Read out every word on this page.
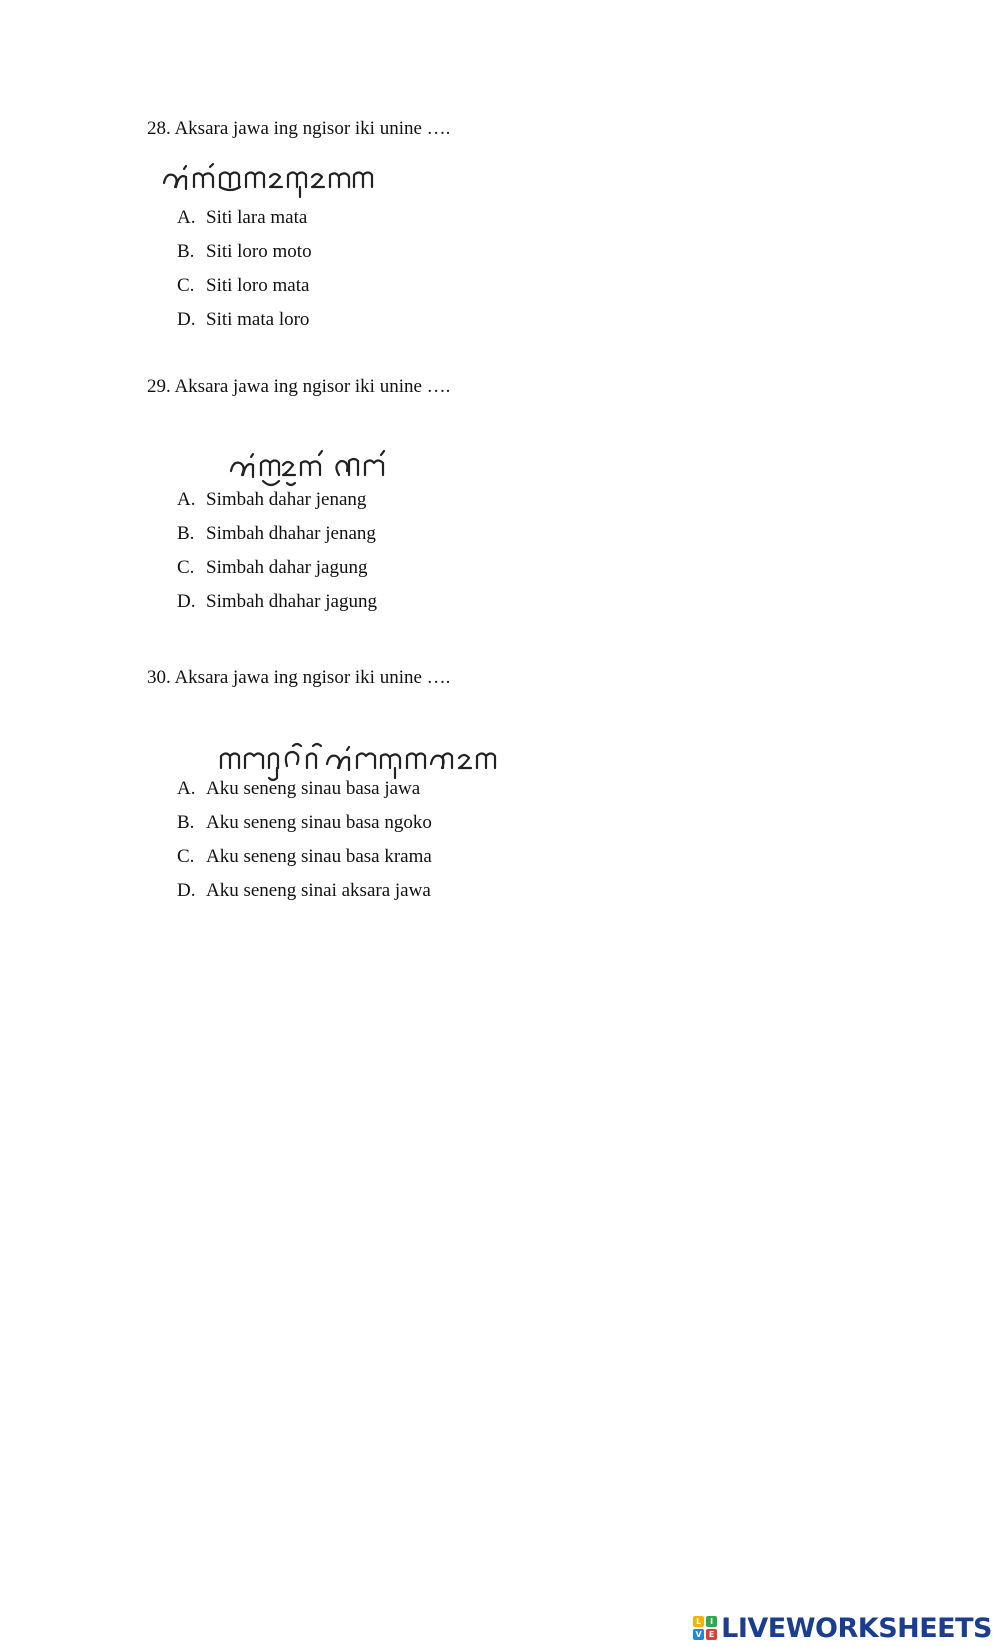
28. Aksara jawa ing ngisor iki unine ….
A. Siti lara mata
B. Siti loro moto
C. Siti loro mata
D. Siti mata loro
29. Aksara jawa ing ngisor iki unine ….
A. Simbah dahar jenang
B. Simbah dhahar jenang
C. Simbah dahar jagung
D. Simbah dhahar jagung
30. Aksara jawa ing ngisor iki unine ….
A. Aku seneng sinau basa jawa
B. Aku seneng sinau basa ngoko
C. Aku seneng sinau basa krama
D. Aku seneng sinai aksara jawa
L	I
V E LIVEWORKSHEETS
